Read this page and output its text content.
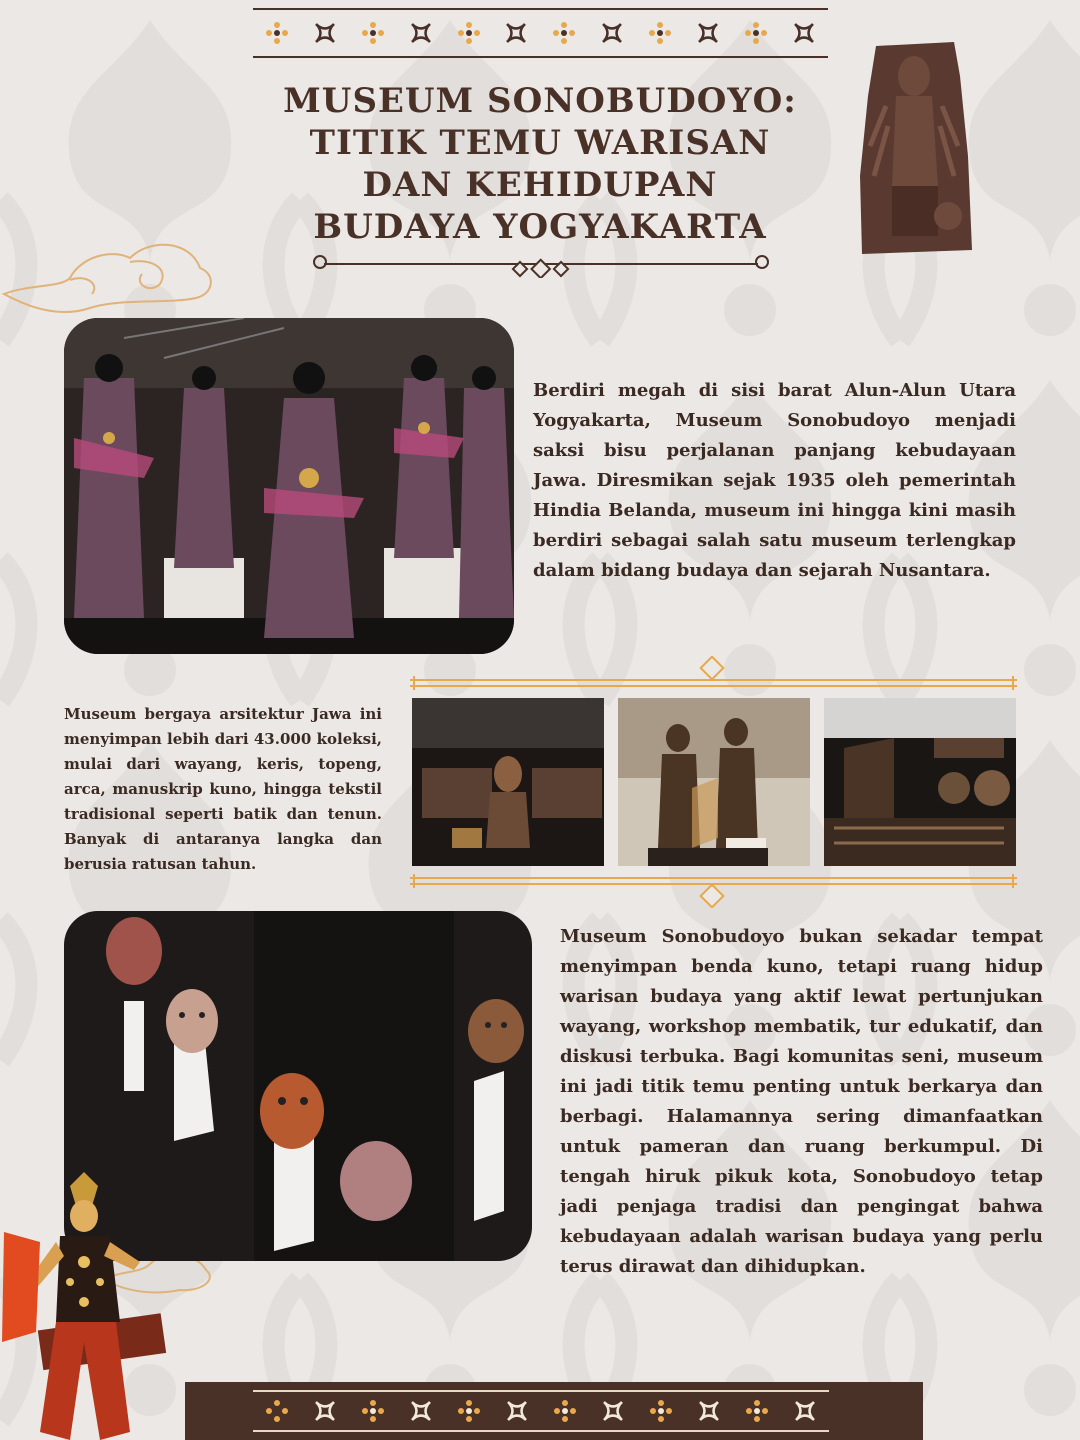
MUSEUM SONOBUDOYO:
TITIK TEMU WARISAN
DAN KEHIDUPAN
BUDAYA YOGYAKARTA

Berdiri megah di sisi barat Alun-Alun Utara Yogyakarta, Museum Sonobudoyo menjadi saksi bisu perjalanan panjang kebudayaan Jawa. Diresmikan sejak 1935 oleh pemerintah Hindia Belanda, museum ini hingga kini masih berdiri sebagai salah satu museum terlengkap dalam bidang budaya dan sejarah Nusantara.

Museum bergaya arsitektur Jawa ini menyimpan lebih dari 43.000 koleksi, mulai dari wayang, keris, topeng, arca, manuskrip kuno, hingga tekstil tradisional seperti batik dan tenun. Banyak di antaranya langka dan berusia ratusan tahun.

Museum Sonobudoyo bukan sekadar tempat menyimpan benda kuno, tetapi ruang hidup warisan budaya yang aktif lewat pertunjukan wayang, workshop membatik, tur edukatif, dan diskusi terbuka. Bagi komunitas seni, museum ini jadi titik temu penting untuk berkarya dan berbagi. Halamannya sering dimanfaatkan untuk pameran dan ruang berkumpul. Di tengah hiruk pikuk kota, Sonobudoyo tetap jadi penjaga tradisi dan pengingat bahwa kebudayaan adalah warisan budaya yang perlu terus dirawat dan dihidupkan.
